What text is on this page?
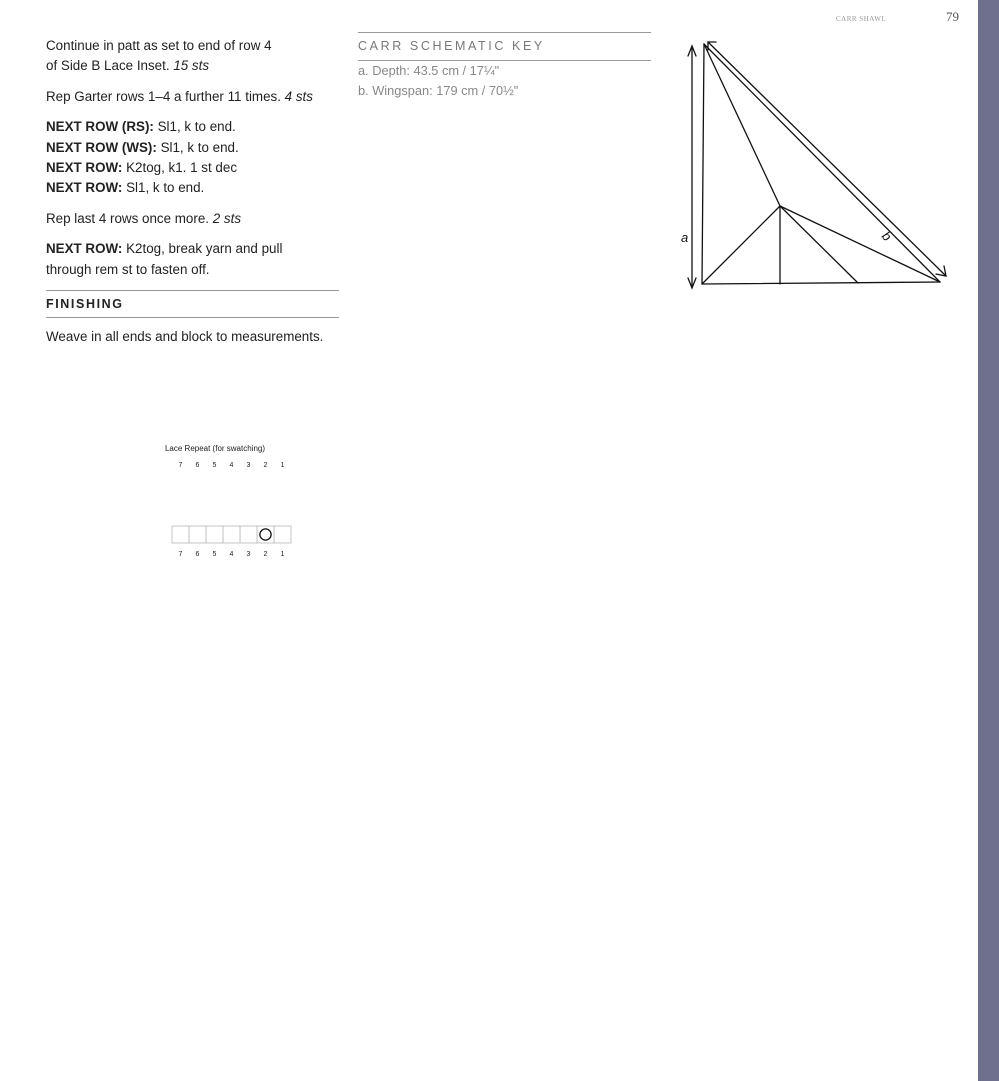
CARR SHAWL	79

Continue in patt as set to end of row 4
of Side B Lace Inset. 15 sts

Rep Garter rows 1–4 a further 11 times. 4 sts

NEXT ROW (RS): Sl1, k to end.
NEXT ROW (WS): Sl1, k to end.
NEXT ROW: K2tog, k1. 1 st dec
NEXT ROW: Sl1, k to end.

Rep last 4 rows once more. 2 sts

NEXT ROW: K2tog, break yarn and pull
through rem st to fasten off.

FINISHING

Weave in all ends and block to measurements.

CARR SCHEMATIC KEY
a. Depth: 43.5 cm / 17¼"
b. Wingspan: 179 cm / 70½"
a	b
Lace Repeat (for swatching)
1
1
2
2
3
3
4
4
5
5
6
6
7
7
